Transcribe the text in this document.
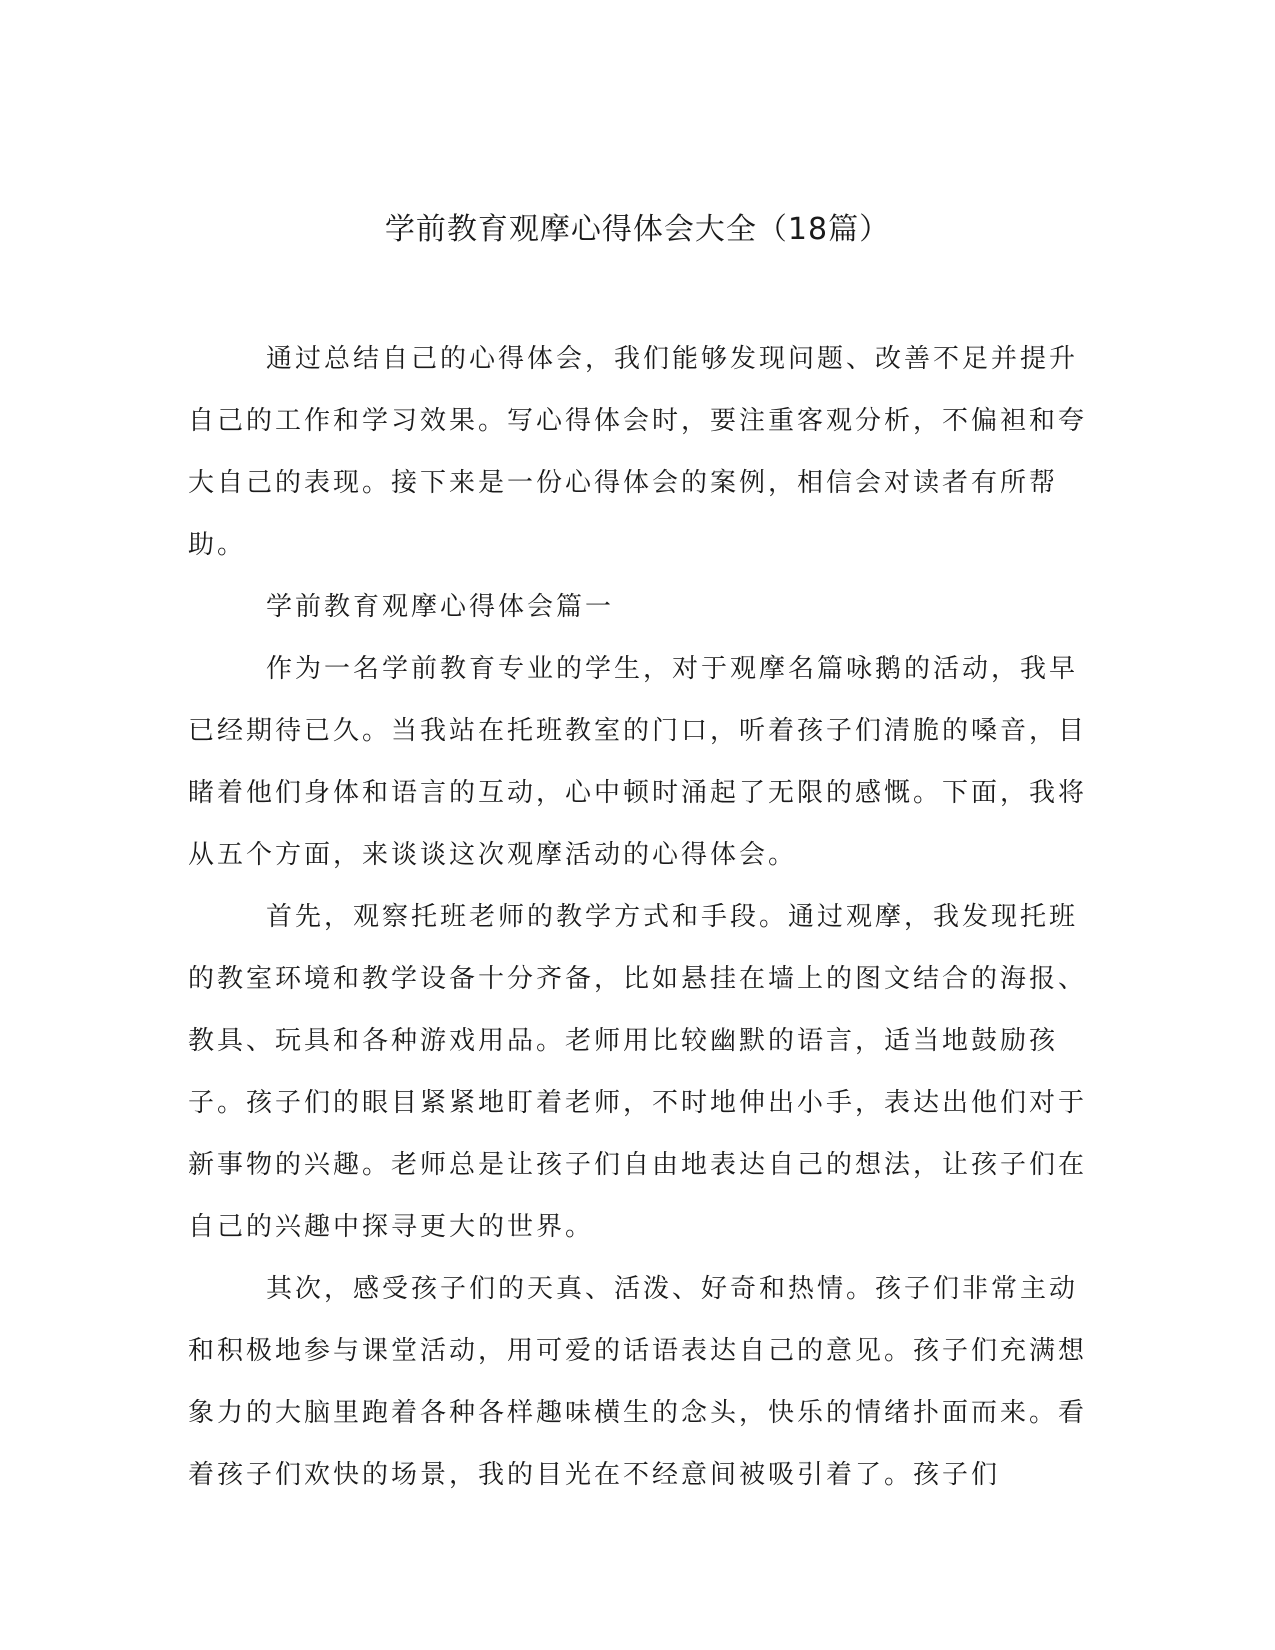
学前教育观摩心得体会大全（18篇）

通过总结自己的心得体会，我们能够发现问题、改善不足并提升自己的工作和学习效果。写心得体会时，要注重客观分析，不偏袒和夸大自己的表现。接下来是一份心得体会的案例，相信会对读者有所帮助。

学前教育观摩心得体会篇一

作为一名学前教育专业的学生，对于观摩名篇咏鹅的活动，我早已经期待已久。当我站在托班教室的门口，听着孩子们清脆的嗓音，目睹着他们身体和语言的互动，心中顿时涌起了无限的感慨。下面，我将从五个方面，来谈谈这次观摩活动的心得体会。

首先，观察托班老师的教学方式和手段。通过观摩，我发现托班的教室环境和教学设备十分齐备，比如悬挂在墙上的图文结合的海报、教具、玩具和各种游戏用品。老师用比较幽默的语言，适当地鼓励孩子。孩子们的眼目紧紧地盯着老师，不时地伸出小手，表达出他们对于新事物的兴趣。老师总是让孩子们自由地表达自己的想法，让孩子们在自己的兴趣中探寻更大的世界。

其次，感受孩子们的天真、活泼、好奇和热情。孩子们非常主动和积极地参与课堂活动，用可爱的话语表达自己的意见。孩子们充满想象力的大脑里跑着各种各样趣味横生的念头，快乐的情绪扑面而来。看着孩子们欢快的场景，我的目光在不经意间被吸引着了。孩子们
